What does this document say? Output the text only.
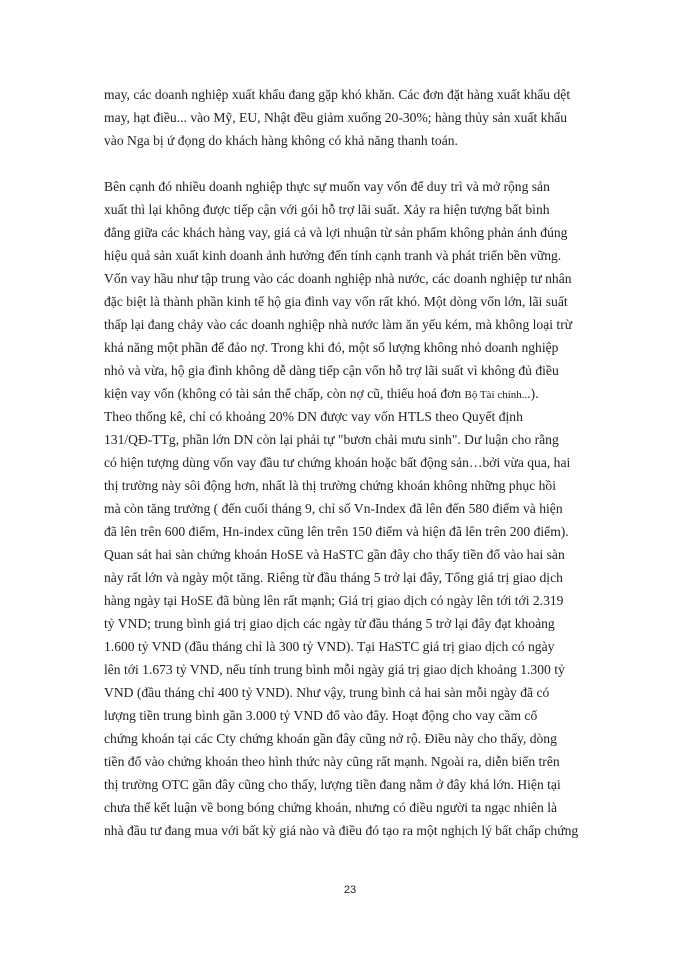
may, các doanh nghiệp xuất khẩu đang gặp khó khăn. Các đơn đặt hàng xuất khẩu dệt
may, hạt điều... vào Mỹ, EU, Nhật đều giảm xuống 20-30%; hàng thủy sản xuất khẩu
vào Nga bị ứ đọng do khách hàng không có khả năng thanh toán.
Bên cạnh đó nhiều doanh nghiệp thực sự muốn vay vốn để duy trì và mở rộng sản
xuất thì lại không được tiếp cận với gói hỗ trợ lãi suất. Xảy ra hiện tượng bất bình
đẳng giữa các khách hàng vay, giá cả và lợi nhuận từ sản phẩm không phản ánh đúng
hiệu quả sản xuất kinh doanh ảnh hưởng đến tính cạnh tranh và phát triển bền vững.
Vốn vay hầu như tập trung vào các doanh nghiệp nhà nước, các doanh nghiệp tư nhân
đặc biệt là thành phần kinh tế hộ gia đình vay vốn rất khó. Một dòng vốn lớn, lãi suất
thấp lại đang chảy vào các doanh nghiệp nhà nước làm ăn yếu kém, mà không loại trừ
khả năng một phần để đảo nợ. Trong khi đó, một số lượng không nhỏ doanh nghiệp
nhỏ và vừa, hộ gia đình không dễ dàng tiếp cận vốn hỗ trợ lãi suất vì không đủ điều
kiện vay vốn (không có tài sản thế chấp, còn nợ cũ, thiếu hoá đơn Bộ Tài chính...).
Theo thống kê, chỉ có khoảng 20% DN được vay vốn HTLS theo Quyết định
131/QĐ-TTg, phần lớn DN còn lại phải tự "bươn chải mưu sinh". Dư luận cho rằng
có hiện tượng dùng vốn vay đầu tư chứng khoán hoặc bất động sản…bởi vừa qua, hai
thị trường này sôi động hơn, nhất là thị trường chứng khoán không những phục hồi
mà còn tăng trưởng ( đến cuối tháng 9, chỉ số Vn-Index đã lên đến 580 điểm và hiện
đã lên trên 600 điểm, Hn-index cũng lên trên 150 điểm và hiện đã lên trên 200 điểm).
Quan sát hai sàn chứng khoán HoSE và HaSTC gần đây cho thấy tiền đổ vào hai sàn
này rất lớn và ngày một tăng. Riêng từ đầu tháng 5 trở lại đây, Tổng giá trị giao dịch
hàng ngày tại HoSE đã bùng lên rất mạnh; Giá trị giao dịch có ngày lên tới tới 2.319
tỷ VND; trung bình giá trị giao dịch các ngày từ đầu tháng 5 trở lại đây đạt khoảng
1.600 tỷ VND (đầu tháng chỉ là 300 tỷ VND). Tại HaSTC giá trị giao dịch có ngày
lên tới 1.673 tỷ VND, nếu tính trung bình mỗi ngày giá trị giao dịch khoảng 1.300 tỷ
VND (đầu tháng chỉ 400 tỷ VND). Như vậy, trung bình cả hai sàn mỗi ngày đã có
lượng tiền trung bình gần 3.000 tỷ VND đổ vào đây. Hoạt động cho vay cầm cố
chứng khoán tại các Cty chứng khoán gần đây cũng nở rộ. Điều này cho thấy, dòng
tiền đổ vào chứng khoán theo hình thức này cũng rất mạnh. Ngoài ra, diễn biến trên
thị trường OTC gần đây cũng cho thấy, lượng tiền đang nằm ở đây khá lớn. Hiện tại
chưa thể kết luận về bong bóng chứng khoán, nhưng có điều người ta ngạc nhiên là
nhà đầu tư đang mua với bất kỳ giá nào và điều đó tạo ra một nghịch lý bất chấp chứng
23
